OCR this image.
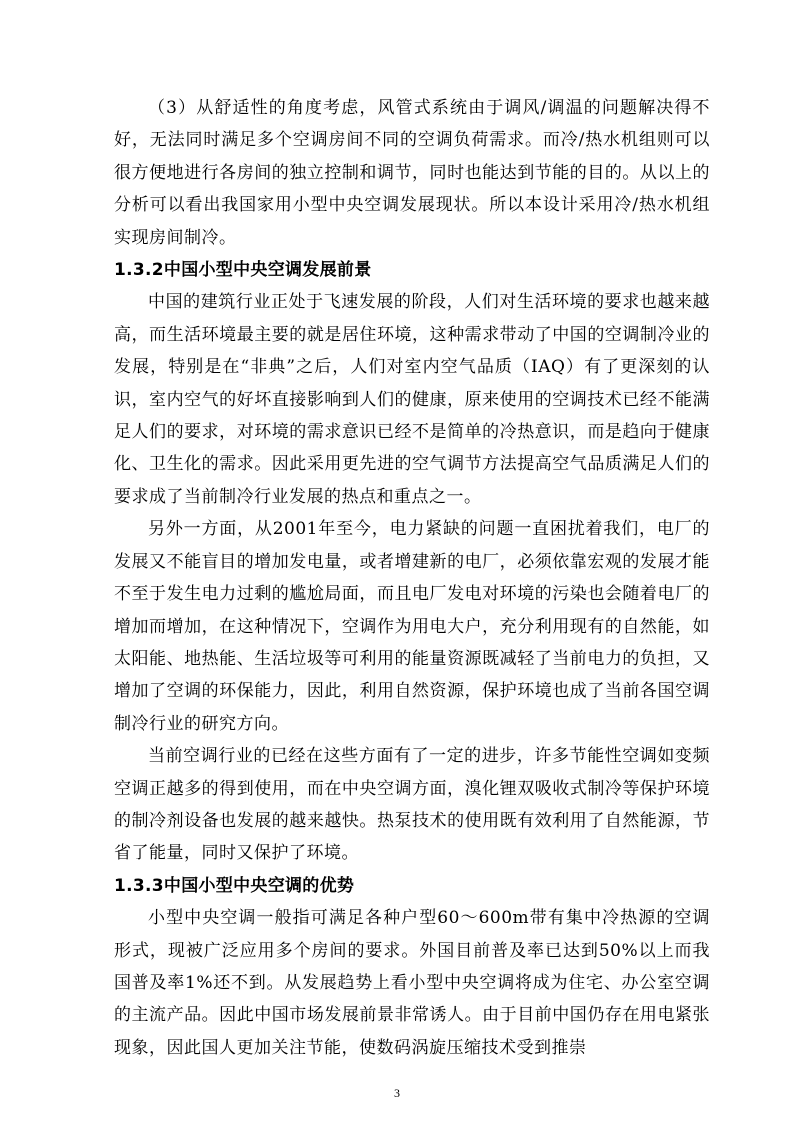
（3）从舒适性的角度考虑，风管式系统由于调风/调温的问题解决得不好，无法同时满足多个空调房间不同的空调负荷需求。而冷/热水机组则可以很方便地进行各房间的独立控制和调节，同时也能达到节能的目的。从以上的分析可以看出我国家用小型中央空调发展现状。所以本设计采用冷/热水机组实现房间制冷。

1.3.2中国小型中央空调发展前景

中国的建筑行业正处于飞速发展的阶段，人们对生活环境的要求也越来越高，而生活环境最主要的就是居住环境，这种需求带动了中国的空调制冷业的发展，特别是在“非典”之后，人们对室内空气品质（IAQ）有了更深刻的认识，室内空气的好坏直接影响到人们的健康，原来使用的空调技术已经不能满足人们的要求，对环境的需求意识已经不是简单的冷热意识，而是趋向于健康化、卫生化的需求。因此采用更先进的空气调节方法提高空气品质满足人们的要求成了当前制冷行业发展的热点和重点之一。

另外一方面，从2001年至今，电力紧缺的问题一直困扰着我们，电厂的发展又不能盲目的增加发电量，或者增建新的电厂，必须依靠宏观的发展才能不至于发生电力过剩的尴尬局面，而且电厂发电对环境的污染也会随着电厂的增加而增加，在这种情况下，空调作为用电大户，充分利用现有的自然能，如太阳能、地热能、生活垃圾等可利用的能量资源既减轻了当前电力的负担，又增加了空调的环保能力，因此，利用自然资源，保护环境也成了当前各国空调制冷行业的研究方向。

当前空调行业的已经在这些方面有了一定的进步，许多节能性空调如变频空调正越多的得到使用，而在中央空调方面，溴化锂双吸收式制冷等保护环境的制冷剂设备也发展的越来越快。热泵技术的使用既有效利用了自然能源，节省了能量，同时又保护了环境。

1.3.3中国小型中央空调的优势

小型中央空调一般指可满足各种户型60～600m带有集中冷热源的空调形式，现被广泛应用多个房间的要求。外国目前普及率已达到50%以上而我国普及率1%还不到。从发展趋势上看小型中央空调将成为住宅、办公室空调的主流产品。因此中国市场发展前景非常诱人。由于目前中国仍存在用电紧张现象，因此国人更加关注节能，使数码涡旋压缩技术受到推崇

3
